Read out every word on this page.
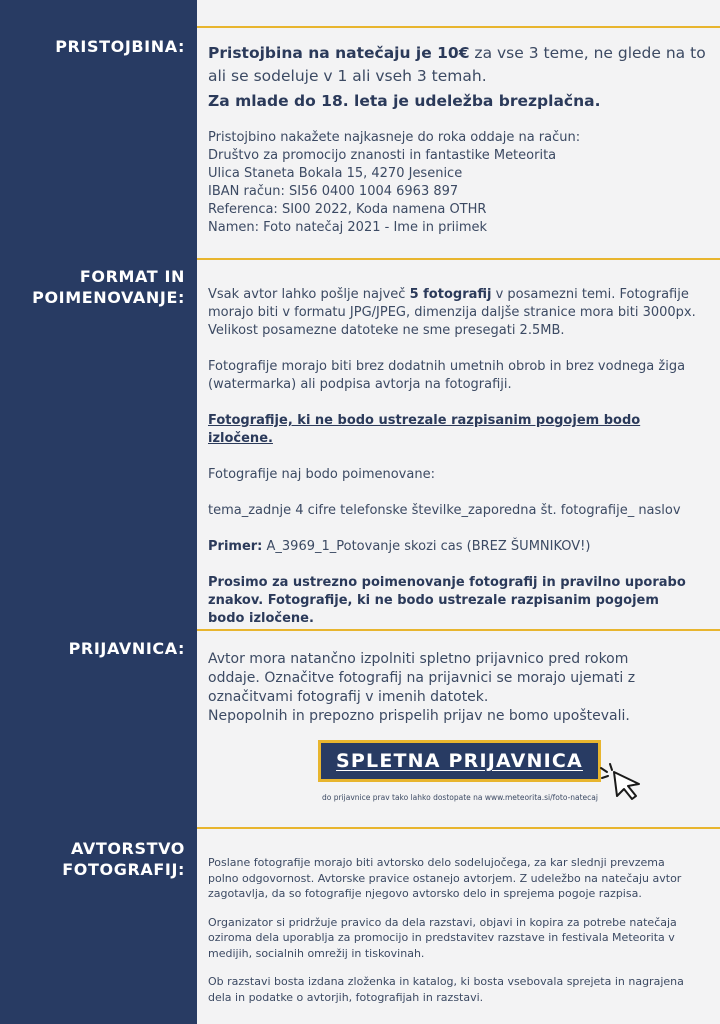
PRISTOJBINA:
FORMAT IN
POIMENOVANJE:
PRIJAVNICA:
AVTORSTVO
FOTOGRAFIJ:

Pristojbina na natečaju je 10€ za vse 3 teme, ne glede na to ali se sodeluje v 1 ali vseh 3 temah.

Za mlade do 18. leta je udeležba brezplačna.

Pristojbino nakažete najkasneje do roka oddaje na račun:
Društvo za promocijo znanosti in fantastike Meteorita
Ulica Staneta Bokala 15, 4270 Jesenice
IBAN račun: SI56 0400 1004 6963 897
Referenca: SI00 2022, Koda namena OTHR
Namen: Foto natečaj 2021 - Ime in priimek

Vsak avtor lahko pošlje največ 5 fotografij v posamezni temi. Fotografije morajo biti v formatu JPG/JPEG, dimenzija daljše stranice mora biti 3000px. Velikost posamezne datoteke ne sme presegati 2.5MB.

Fotografije morajo biti brez dodatnih umetnih obrob in brez vodnega žiga (watermarka) ali podpisa avtorja na fotografiji.

Fotografije, ki ne bodo ustrezale razpisanim pogojem bodo izločene.

Fotografije naj bodo poimenovane:

tema_zadnje 4 cifre telefonske številke_zaporedna št. fotografije_ naslov

Primer: A_3969_1_Potovanje skozi cas (BREZ ŠUMNIKOV!)

Prosimo za ustrezno poimenovanje fotografij in pravilno uporabo znakov. Fotografije, ki ne bodo ustrezale razpisanim pogojem bodo izločene.

Avtor mora natančno izpolniti spletno prijavnico pred rokom oddaje. Označitve fotografij na prijavnici se morajo ujemati z označitvami fotografij v imenih datotek.

Nepopolnih in prepozno prispelih prijav ne bomo upoštevali.

SPLETNA PRIJAVNICA
do prijavnice prav tako lahko dostopate na www.meteorita.si/foto-natecaj

Poslane fotografije morajo biti avtorsko delo sodelujočega, za kar slednji prevzema polno odgovornost. Avtorske pravice ostanejo avtorjem. Z udeležbo na natečaju avtor zagotavlja, da so fotografije njegovo avtorsko delo in sprejema pogoje razpisa.

Organizator si pridržuje pravico da dela razstavi, objavi in kopira za potrebe natečaja oziroma dela uporablja za promocijo in predstavitev razstave in festivala Meteorita v medijih, socialnih omrežij in tiskovinah.

Ob razstavi bosta izdana zloženka in katalog, ki bosta vsebovala sprejeta in nagrajena dela in podatke o avtorjih, fotografijah in razstavi.
